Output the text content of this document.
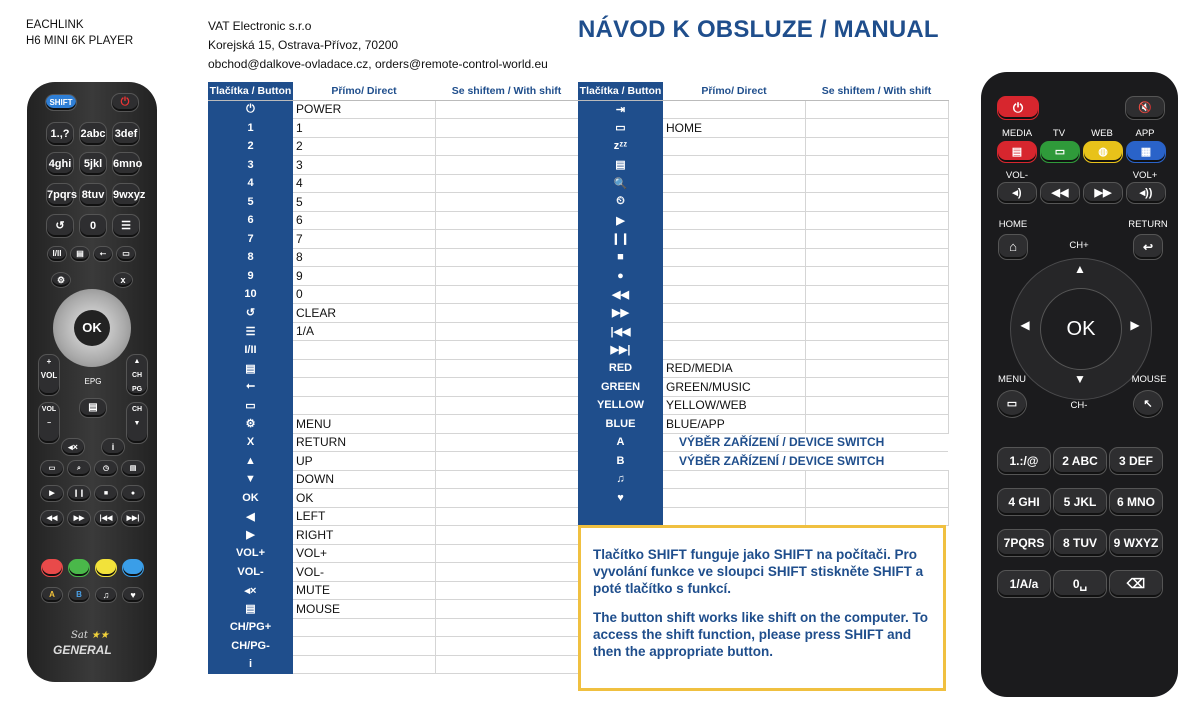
EACHLINK
H6 MINI 6K PLAYER
VAT Electronic s.r.o
Korejská 15, Ostrava-Přívoz, 70200
obchod@dalkove-ovladace.cz, orders@remote-control-world.eu
NÁVOD K OBSLUZE / MANUAL
Tlačítka / Button	Přímo/ Direct	Se shiftem / With shift
⏻	POWER	
1	1	
2	2	
3	3	
4	4	
5	5	
6	6	
7	7	
8	8	
9	9	
10	0	
↺	CLEAR	
☰	1/A	
I/II		
▤		
⭠		
▭		
⚙	MENU	
X	RETURN	
▲	UP	
▼	DOWN	
OK	OK	
◀	LEFT	
▶	RIGHT	
VOL+	VOL+	
VOL-	VOL-	
◂×	MUTE	
▤	MOUSE	
CH/PG+		
CH/PG-		
i		
Tlačítka / Button	Přímo/ Direct	Se shiftem / With shift
⇥		
▭	HOME	
zᶻᶻ		
▤		
🔍		
⏲		
▶		
❙❙		
■		
●		
◀◀		
▶▶		
|◀◀		
▶▶|		
RED	RED/MEDIA	
GREEN	GREEN/MUSIC	
YELLOW	YELLOW/WEB	
BLUE	BLUE/APP	
A	VÝBĚR ZAŘÍZENÍ / DEVICE SWITCH	
B	VÝBĚR ZAŘÍZENÍ / DEVICE SWITCH	
♫		
♥		

Tlačítko SHIFT funguje jako SHIFT na počítači. Pro vyvolání funkce ve sloupci SHIFT stiskněte SHIFT a poté tlačítko s funkcí.

The button shift works like shift on the computer. To access the shift function, please press SHIFT and then the appropriate button.

SHIFT	⏻
1.,? 2abc 3def
4ghi	5jkl 6mno
7pqrs 8tuv 9wxyz
↺	0	☰
I/II	▤	⭠	▭
⚙	x
OK
+
VOL
▲
CH PG
EPG
▤
VOL
−
CH
▼
◂×	i
A	B	♫	♥
Sat ★★
GENERAL
▭	⌕	◷	▤
▶	❙❙	■	●
◀◀	▶▶	|◀◀	▶▶|
⏻	🔇
MEDIA	TV	WEB	APP
▤	▭	◍	▦
VOL-	VOL+
◂)	◀◀	▶▶	◂))
HOME	RETURN
⌂	↩
CH+
OK
▲
▼
◀	▶
MENU	MOUSE
▭	↖
CH-
1.:/@	2 ABC	3 DEF
4 GHI	5 JKL	6 MNO
7PQRS	8 TUV	9 WXYZ
1/A/a	0␣	⌫
